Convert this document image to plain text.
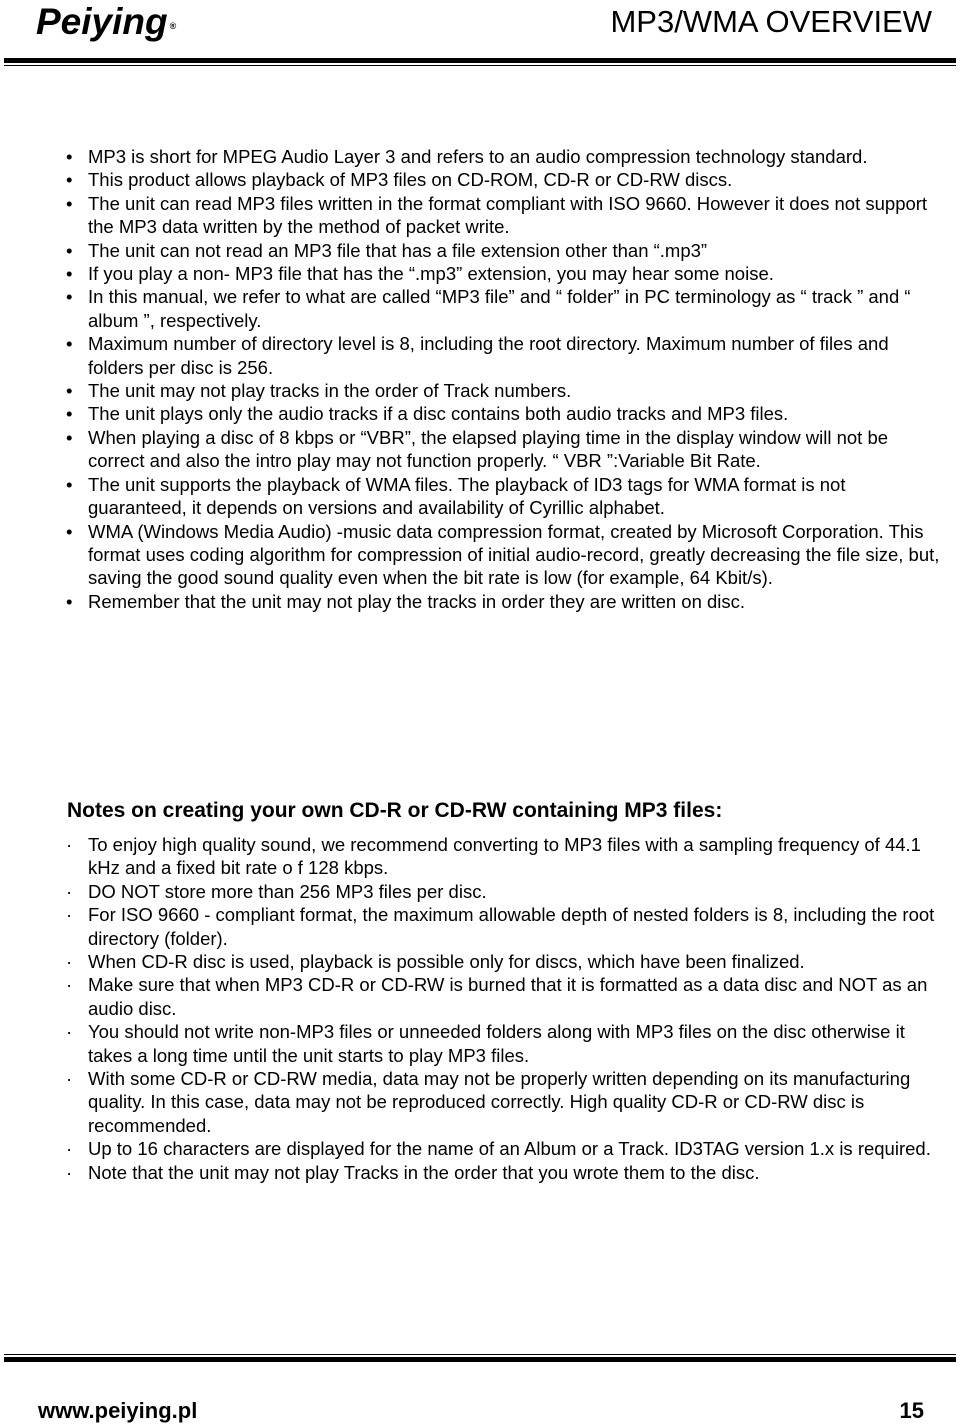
Peiying ®	MP3/WMA OVERVIEW
• MP3 is short for MPEG Audio Layer 3 and refers to an audio compression technology standard.
• This product allows playback of MP3 files on CD-ROM, CD-R or CD-RW discs.
• The unit can read MP3 files written in the format compliant with ISO 9660. However it does not support the MP3 data written by the method of packet write.
• The unit can not read an MP3 file that has a file extension other than “.mp3”
• If you play a non- MP3 file that has the “.mp3” extension, you may hear some noise.
• In this manual, we refer to what are called “MP3 file” and “ folder” in PC terminology as “ track ” and “ album ”, respectively.
• Maximum number of directory level is 8, including the root directory. Maximum number of files and folders per disc is 256.
• The unit may not play tracks in the order of Track numbers.
• The unit plays only the audio tracks if a disc contains both audio tracks and MP3 files.
• When playing a disc of 8 kbps or “VBR”, the elapsed playing time in the display window will not be correct and also the intro play may not function properly. “ VBR ”:Variable Bit Rate.
• The unit supports the playback of WMA files. The playback of ID3 tags for WMA format is not guaranteed, it depends on versions and availability of Cyrillic alphabet.
• WMA (Windows Media Audio) -music data compression format, created by Microsoft Corporation. This format uses coding algorithm for compression of initial audio-record, greatly decreasing the file size, but, saving the good sound quality even when the bit rate is low (for example, 64 Kbit/s).
• Remember that the unit may not play the tracks in order they are written on disc.
Notes on creating your own CD-R or CD-RW containing MP3 files:
· To enjoy high quality sound, we recommend converting to MP3 files with a sampling frequency of 44.1 kHz and a fixed bit rate o f 128 kbps.
· DO NOT store more than 256 MP3 files per disc.
· For ISO 9660 - compliant format, the maximum allowable depth of nested folders is 8, including the root directory (folder).
· When CD-R disc is used, playback is possible only for discs, which have been finalized.
· Make sure that when MP3 CD-R or CD-RW is burned that it is formatted as a data disc and NOT as an audio disc.
· You should not write non-MP3 files or unneeded folders along with MP3 files on the disc otherwise it takes a long time until the unit starts to play MP3 files.
· With some CD-R or CD-RW media, data may not be properly written depending on its manufacturing quality. In this case, data may not be reproduced correctly. High quality CD-R or CD-RW disc is recommended.
· Up to 16 characters are displayed for the name of an Album or a Track. ID3TAG version 1.x is required.
· Note that the unit may not play Tracks in the order that you wrote them to the disc.
www.peiying.pl	15
